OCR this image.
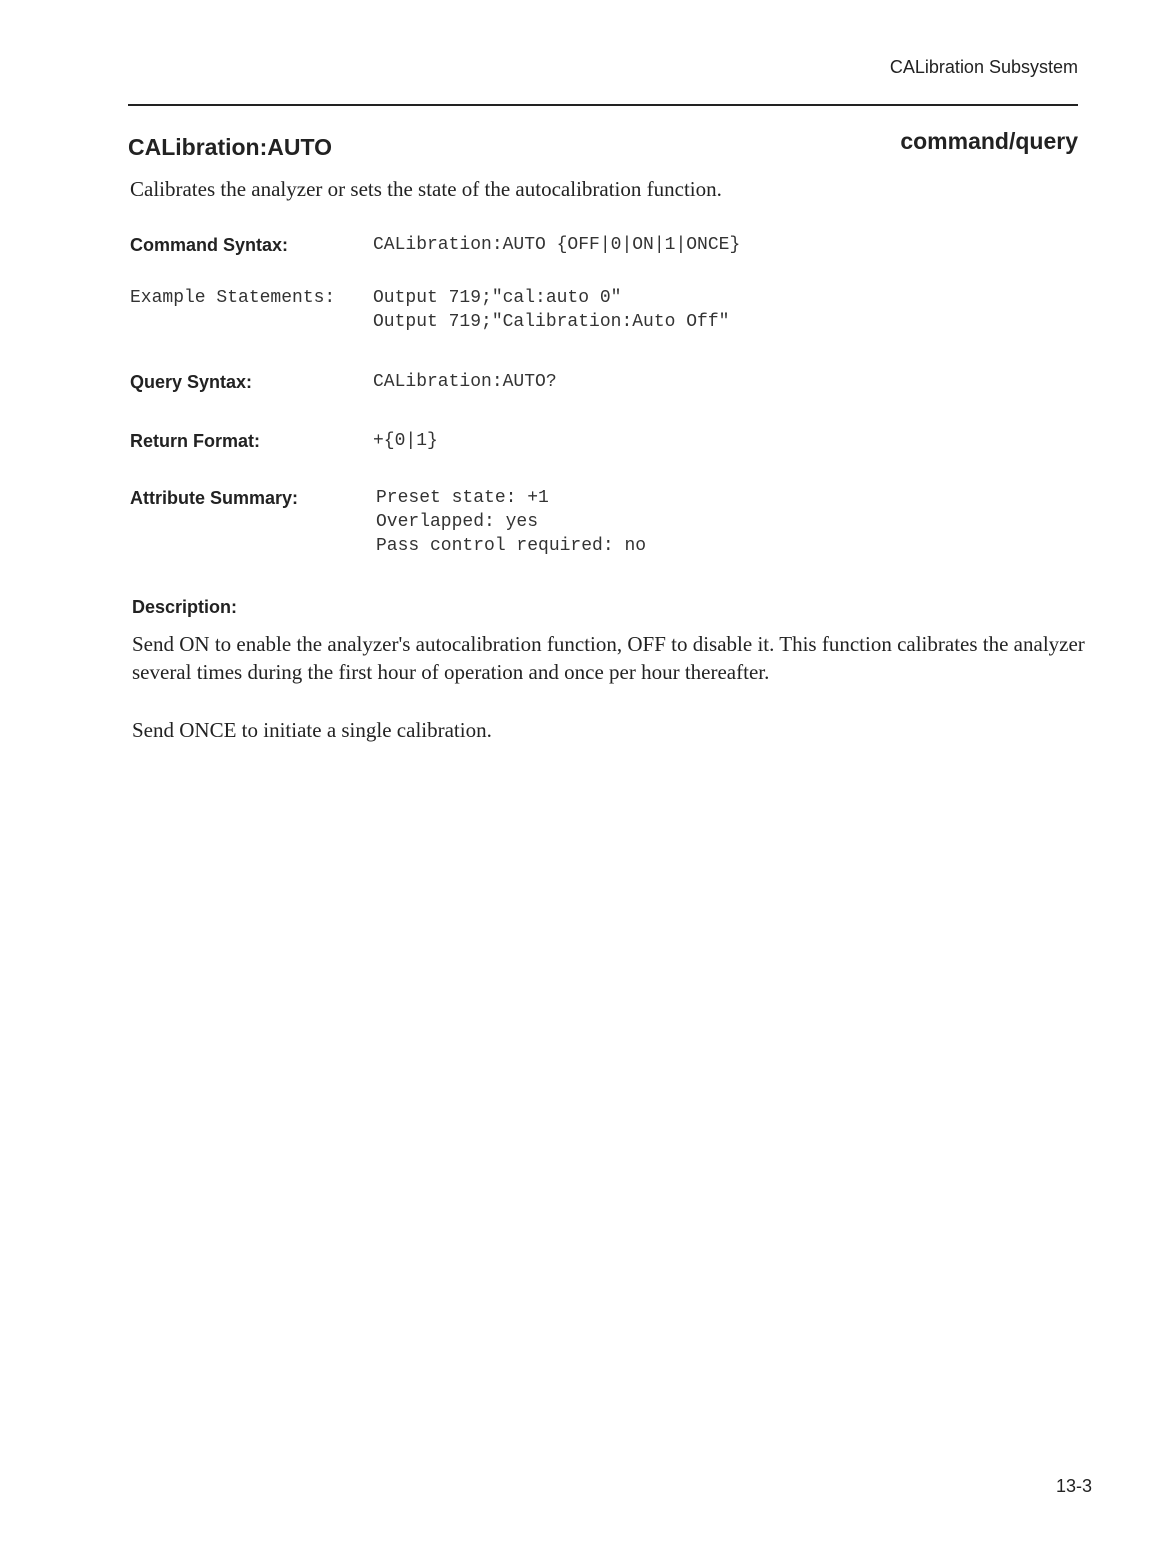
CALibration Subsystem
CALibration:AUTO	command/query
Calibrates the analyzer or sets the state of the autocalibration function.
Command Syntax:	CALibration:AUTO {OFF|0|ON|1|ONCE}
Example Statements: Output 719;"cal:auto 0"
Output 719;"Calibration:Auto Off"
Query Syntax:	CALibration:AUTO?
Return Format:	+{0|1}
Attribute Summary:	Preset state: +1
Overlapped: yes
Pass control required: no
Description:
Send ON to enable the analyzer's autocalibration function, OFF to disable it. This function calibrates the analyzer several times during the first hour of operation and once per hour thereafter.
Send ONCE to initiate a single calibration.
13-3
